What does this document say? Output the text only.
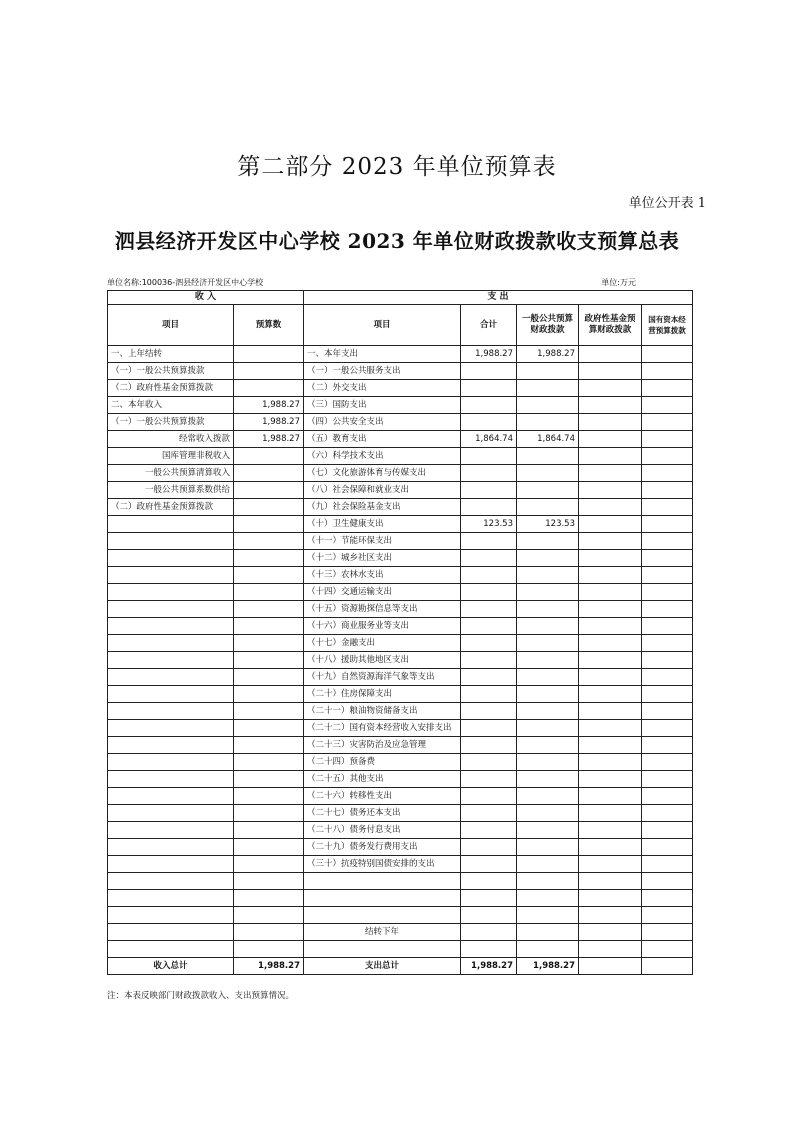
第二部分 2023 年单位预算表
单位公开表 1
泗县经济开发区中心学校 2023 年单位财政拨款收支预算总表
单位名称:100036-泗县经济开发区中心学校	单位:万元
收 入		支 出				
项目	预算数	项目	合计	一般公共预算财政拨款	政府性基金预算财政拨款	国有资本经营预算拨款
一、上年结转		一、本年支出	1,988.27	1,988.27		
（一）一般公共预算拨款		（一）一般公共服务支出				
（二）政府性基金预算拨款		（二）外交支出				
二、本年收入	1,988.27	（三）国防支出				
（一）一般公共预算拨款	1,988.27	（四）公共安全支出				
经常收入拨款	1,988.27	（五）教育支出	1,864.74	1,864.74		
国库管理非税收入		（六）科学技术支出				
一般公共预算清算收入		（七）文化旅游体育与传媒支出				
一般公共预算系数供给		（八）社会保障和就业支出				
（二）政府性基金预算拨款		（九）社会保险基金支出				
		（十）卫生健康支出	123.53	123.53		
		（十一）节能环保支出				
		（十二）城乡社区支出				
		（十三）农林水支出				
		（十四）交通运输支出				
		（十五）资源勘探信息等支出				
		（十六）商业服务业等支出				
		（十七）金融支出				
		（十八）援助其他地区支出				
		（十九）自然资源海洋气象等支出				
		（二十）住房保障支出				
		（二十一）粮油物资储备支出				
		（二十二）国有资本经营收入安排支出				
		（二十三）灾害防治及应急管理				
		（二十四）预备费				
		（二十五）其他支出				
		（二十六）转移性支出				
		（二十七）债务还本支出				
		（二十八）债务付息支出				
		（二十九）债务发行费用支出				
		（三十）抗疫特别国债安排的支出				

		结转下年				

收入总计	1,988.27	支出总计	1,988.27	1,988.27		
注：本表反映部门财政拨款收入、支出预算情况。
